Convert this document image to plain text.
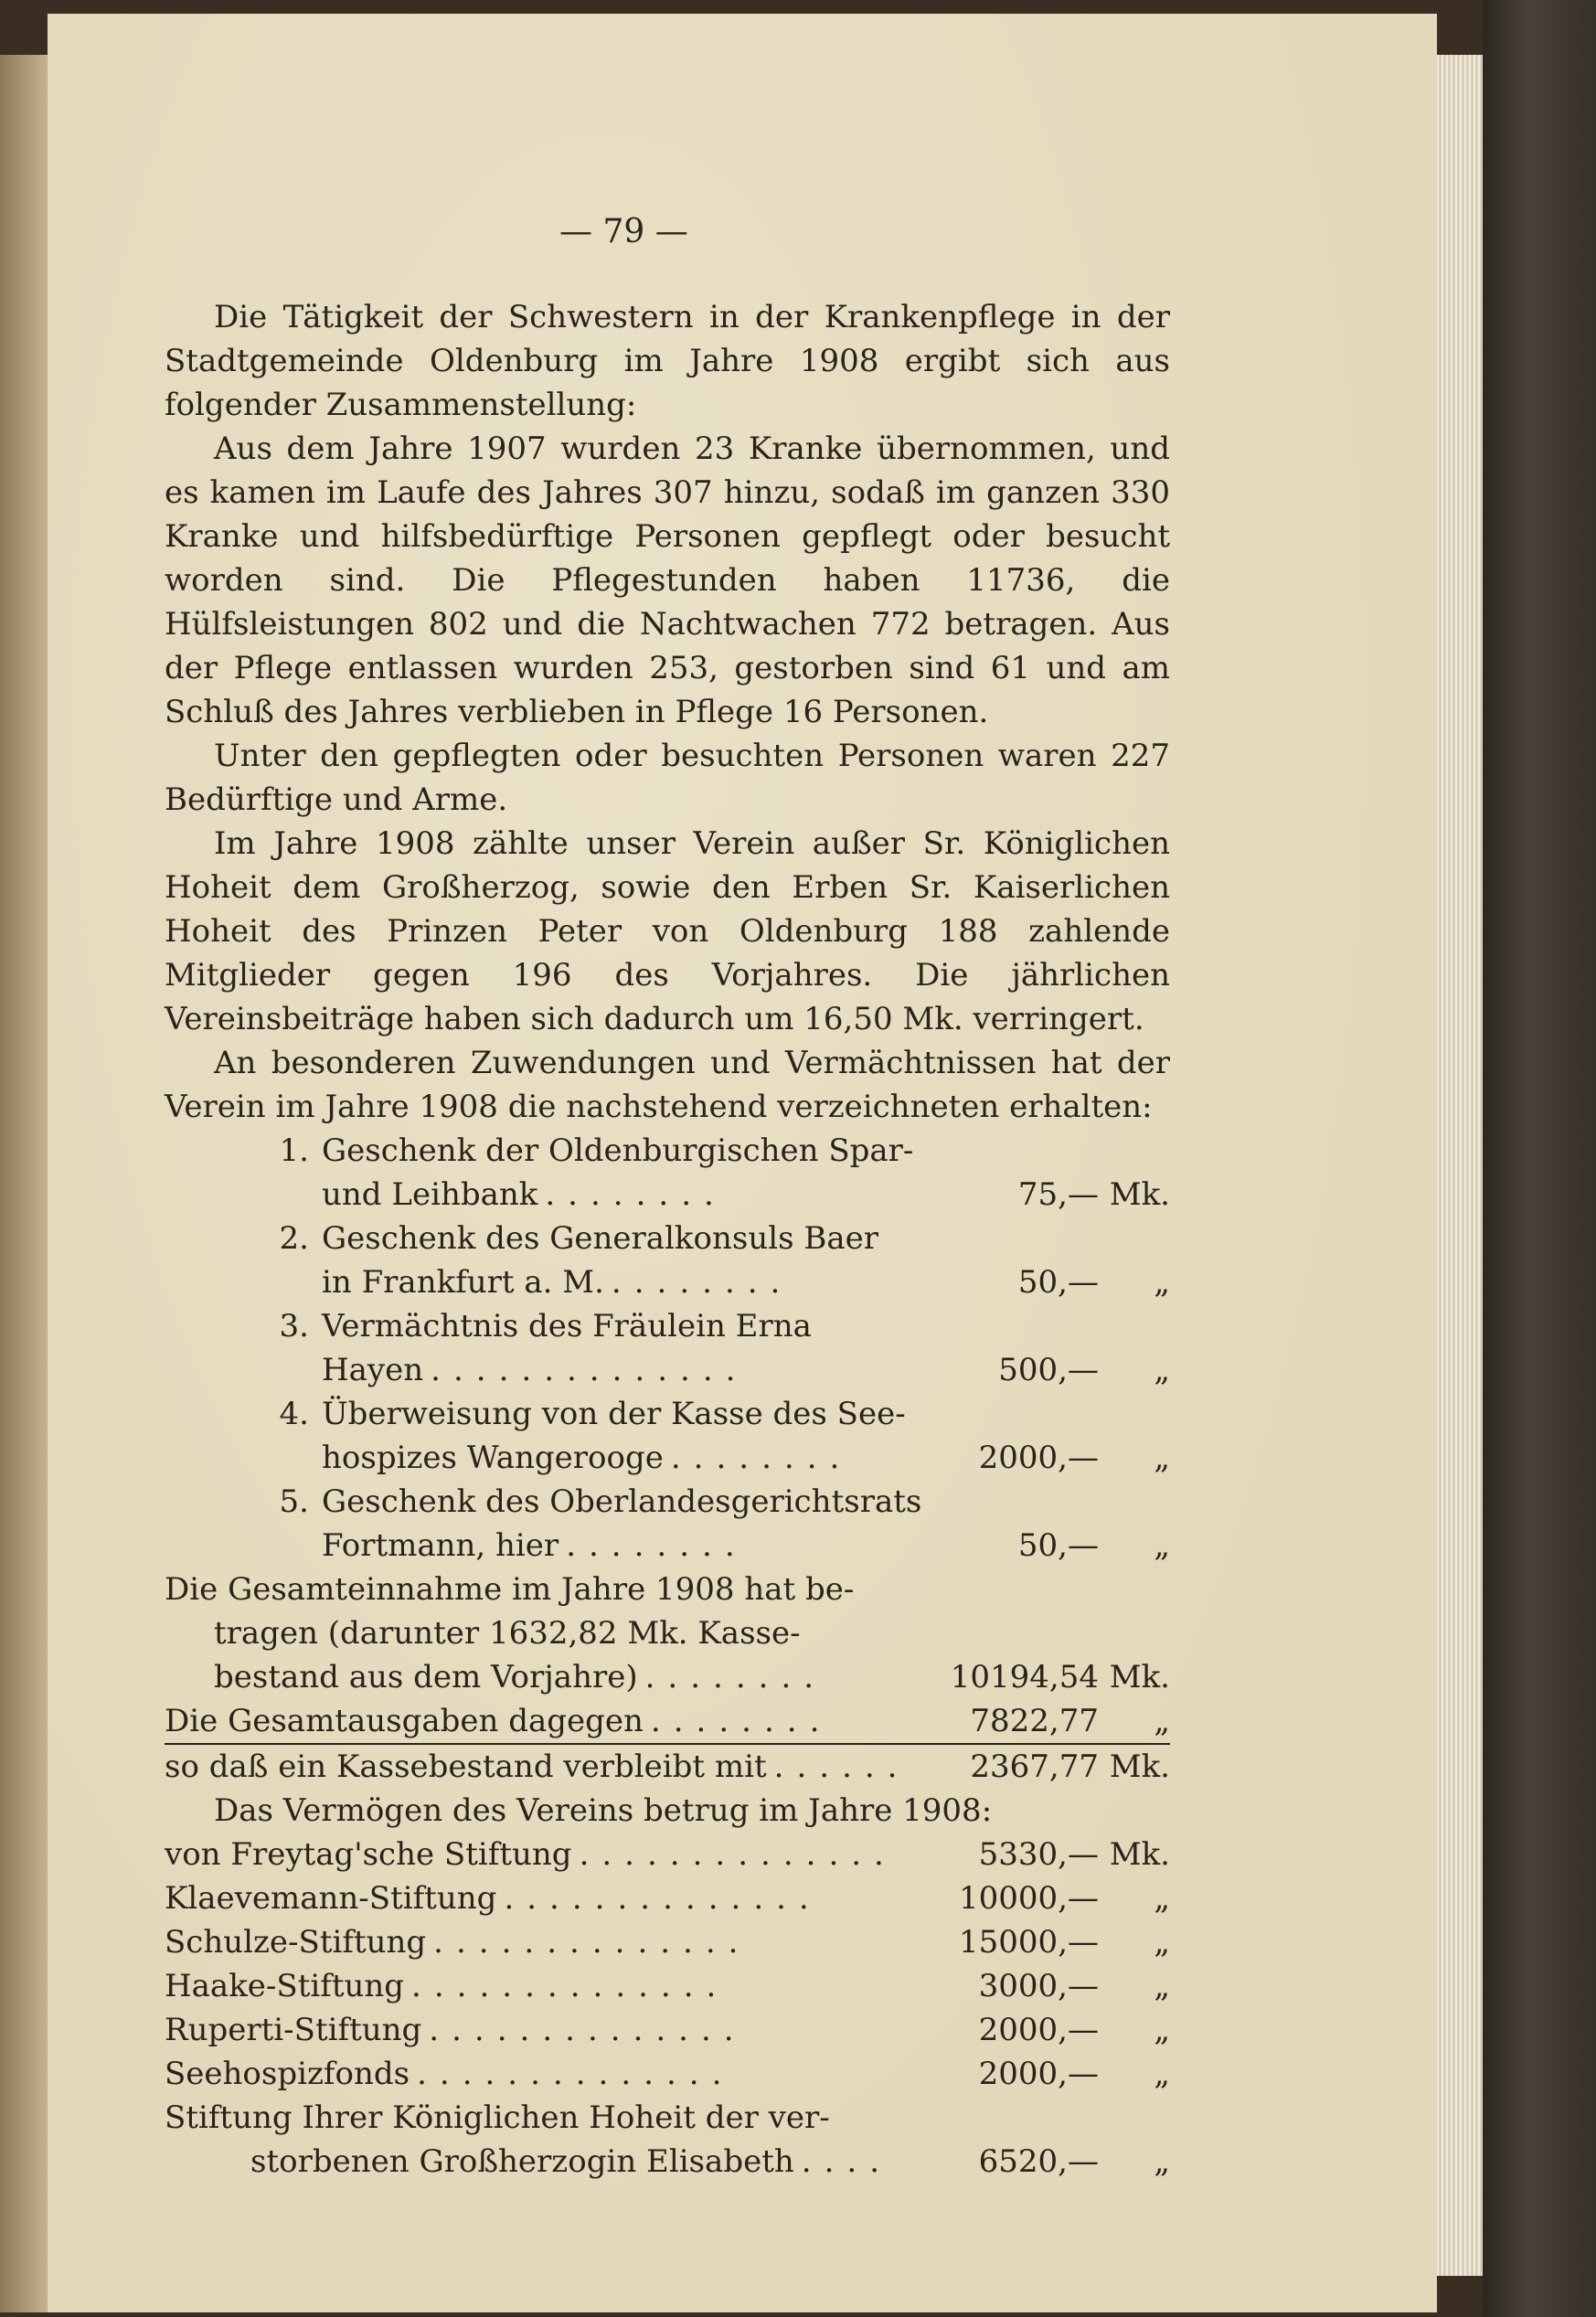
— 79 —

Die Tätigkeit der Schwestern in der Krankenpflege in der Stadtgemeinde Oldenburg im Jahre 1908 ergibt sich aus folgender Zusammenstellung:

Aus dem Jahre 1907 wurden 23 Kranke übernommen, und es kamen im Laufe des Jahres 307 hinzu, sodaß im ganzen 330 Kranke und hilfsbedürftige Personen gepflegt oder besucht worden sind. Die Pflegestunden haben 11736, die Hülfsleistungen 802 und die Nachtwachen 772 betragen. Aus der Pflege entlassen wurden 253, gestorben sind 61 und am Schluß des Jahres verblieben in Pflege 16 Personen.

Unter den gepflegten oder besuchten Personen waren 227 Bedürftige und Arme.

Im Jahre 1908 zählte unser Verein außer Sr. Königlichen Hoheit dem Großherzog, sowie den Erben Sr. Kaiserlichen Hoheit des Prinzen Peter von Oldenburg 188 zahlende Mitglieder gegen 196 des Vorjahres. Die jährlichen Vereinsbeiträge haben sich dadurch um 16,50 Mk. verringert.

An besonderen Zuwendungen und Vermächtnissen hat der Verein im Jahre 1908 die nachstehend verzeichneten erhalten:

1. Geschenk der Oldenburgischen Spar-
und Leihbank ........	75,— Mk.
2. Geschenk des Generalkonsuls Baer
in Frankfurt a. M. ........	50,—	„
3. Vermächtnis des Fräulein Erna
Hayen ..............	500,—	„
4. Überweisung von der Kasse des See-
hospizes Wangerooge ........	2000,—	„
5. Geschenk des Oberlandesgerichtsrats
Fortmann, hier ........	50,—	„
Die Gesamteinnahme im Jahre 1908 hat be-
tragen (darunter 1632,82 Mk. Kasse-
bestand aus dem Vorjahre) ........	10194,54 Mk.
Die Gesamtausgaben dagegen ........	7822,77	„
so daß ein Kassebestand verbleibt mit ......	2367,77 Mk.

Das Vermögen des Vereins betrug im Jahre 1908:

von Freytag'sche Stiftung ..............	5330,— Mk.
Klaevemann-Stiftung ..............	10000,—	„
Schulze-Stiftung ..............	15000,—	„
Haake-Stiftung ..............	3000,—	„
Ruperti-Stiftung ..............	2000,—	„
Seehospizfonds ..............	2000,—	„
Stiftung Ihrer Königlichen Hoheit der ver-
storbenen Großherzogin Elisabeth ....	6520,—	„
